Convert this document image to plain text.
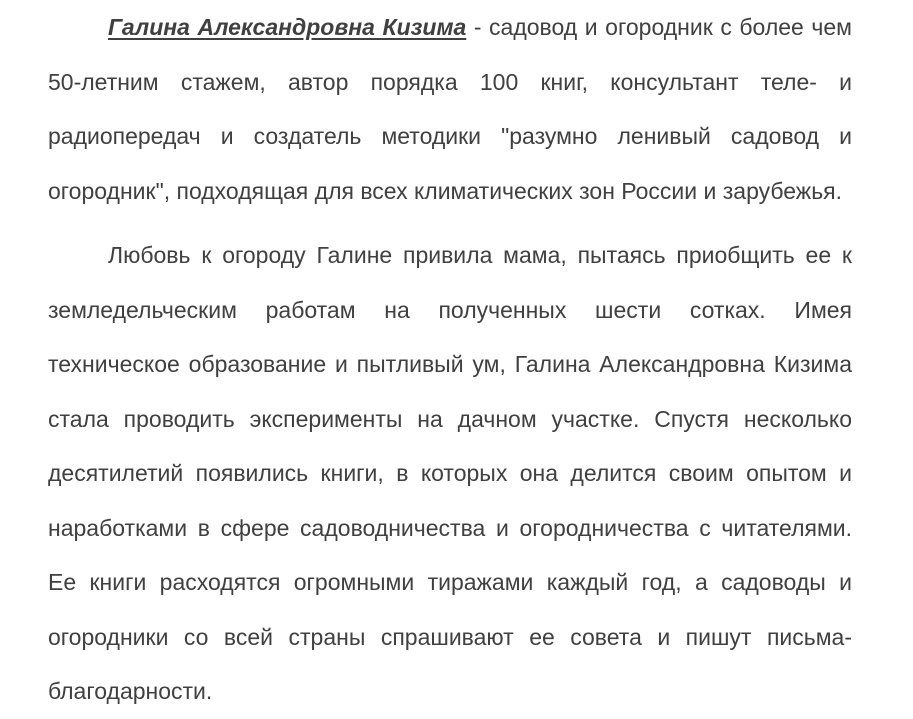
Галина Александровна Кизима - садовод и огородник с более чем
50-летним стажем, автор порядка 100 книг, консультант теле- и
радиопередач и создатель методики "разумно ленивый садовод и
огородник", подходящая для всех климатических зон России и зарубежья.
Любовь к огороду Галине привила мама, пытаясь приобщить ее к
земледельческим работам на полученных шести сотках. Имея
техническое образование и пытливый ум, Галина Александровна Кизима
стала проводить эксперименты на дачном участке. Спустя несколько
десятилетий появились книги, в которых она делится своим опытом и
наработками в сфере садоводничества и огородничества с читателями.
Ее книги расходятся огромными тиражами каждый год, а садоводы и
огородники со всей страны спрашивают ее совета и пишут письма-
благодарности.
